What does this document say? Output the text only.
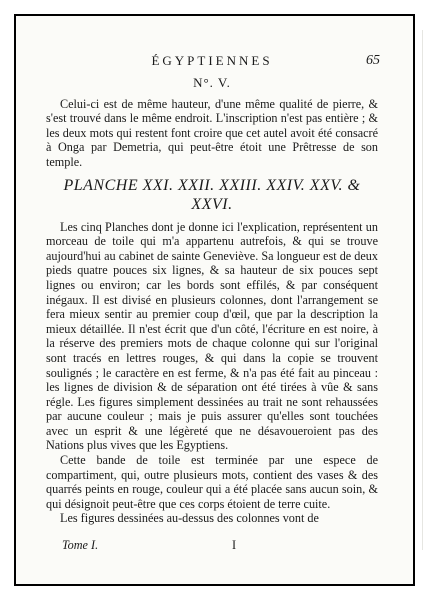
ÉGYPTIENNES	65
N°. V.

Celui-ci est de même hauteur, d'une même qualité de pierre, & s'est trouvé dans le même endroit. L'inscription n'est pas entière ; & les deux mots qui restent font croire que cet autel avoit été consacré à Onga par Demetria, qui peut-être étoit une Prêtresse de son temple.

PLANCHE XXI. XXII. XXIII. XXIV. XXV. & XXVI.

Les cinq Planches dont je donne ici l'explication, représentent un morceau de toile qui m'a appartenu autrefois, & qui se trouve aujourd'hui au cabinet de sainte Geneviève. Sa longueur est de deux pieds quatre pouces six lignes, & sa hauteur de six pouces sept lignes ou environ; car les bords sont effilés, & par conséquent inégaux. Il est divisé en plusieurs colonnes, dont l'arrangement se fera mieux sentir au premier coup d'œil, que par la description la mieux détaillée. Il n'est écrit que d'un côté, l'écriture en est noire, à la réserve des premiers mots de chaque colonne qui sur l'original sont tracés en lettres rouges, & qui dans la copie se trouvent soulignés ; le caractère en est ferme, & n'a pas été fait au pinceau : les lignes de division & de séparation ont été tirées à vûe & sans régle. Les figures simplement dessinées au trait ne sont rehaussées par aucune couleur ; mais je puis assurer qu'elles sont touchées avec un esprit & une légèreté que ne désavoueroient pas des Nations plus vives que les Egyptiens.

Cette bande de toile est terminée par une espece de compartiment, qui, outre plusieurs mots, contient des vases & des quarrés peints en rouge, couleur qui a été placée sans aucun soin, & qui désignoit peut-être que ces corps étoient de terre cuite.

Les figures dessinées au-dessus des colonnes vont de

Tome I.	I
